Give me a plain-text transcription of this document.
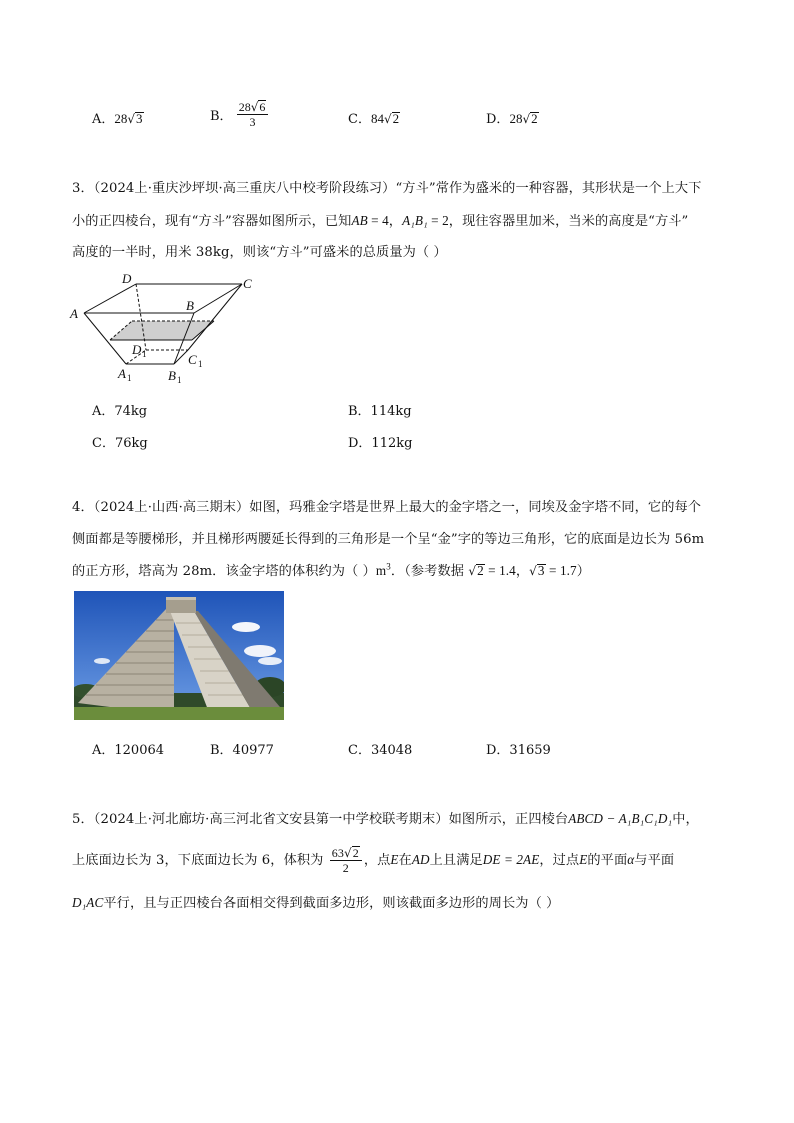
A．28√3	B． $\frac{28√6}{3}$	C．84√2	D．28√2
3．（2024上·重庆沙坪坝·高三重庆八中校考阶段练习）“方斗”常作为盛米的一种容器，其形状是一个上大下
小的正四棱台，现有“方斗”容器如图所示，已知AB = 4，A₁B₁ = 2，现往容器里加米，当米的高度是“方斗”
高度的一半时，用米 38kg，则该“方斗”可盛米的总质量为（ ）
A
D	C
B
D 1	C 1
A 1	B 1
A．74kg	B．114kg
C．76kg	D．112kg
4．（2024上·山西·高三期末）如图，玛雅金字塔是世界上最大的金字塔之一，同埃及金字塔不同，它的每个
侧面都是等腰梯形，并且梯形两腰延长得到的三角形是一个呈“金”字的等边三角形，它的底面是边长为 56m
的正方形，塔高为 28m．该金字塔的体积约为（ ）$m^3$．（参考数据 √2 = 1.4，√3 = 1.7）
A．120064	B．40977	C．34048	D．31659
5．（2024上·河北廊坊·高三河北省文安县第一中学校联考期末）如图所示，正四棱台ABCD − A₁B₁C₁D₁中，
上底面边长为 3，下底面边长为 6，体积为 $\frac{63√2}{2}$ ，点E在AD上且满足DE = 2AE，过点E的平面α与平面
D₁AC平行，且与正四棱台各面相交得到截面多边形，则该截面多边形的周长为（ ）
